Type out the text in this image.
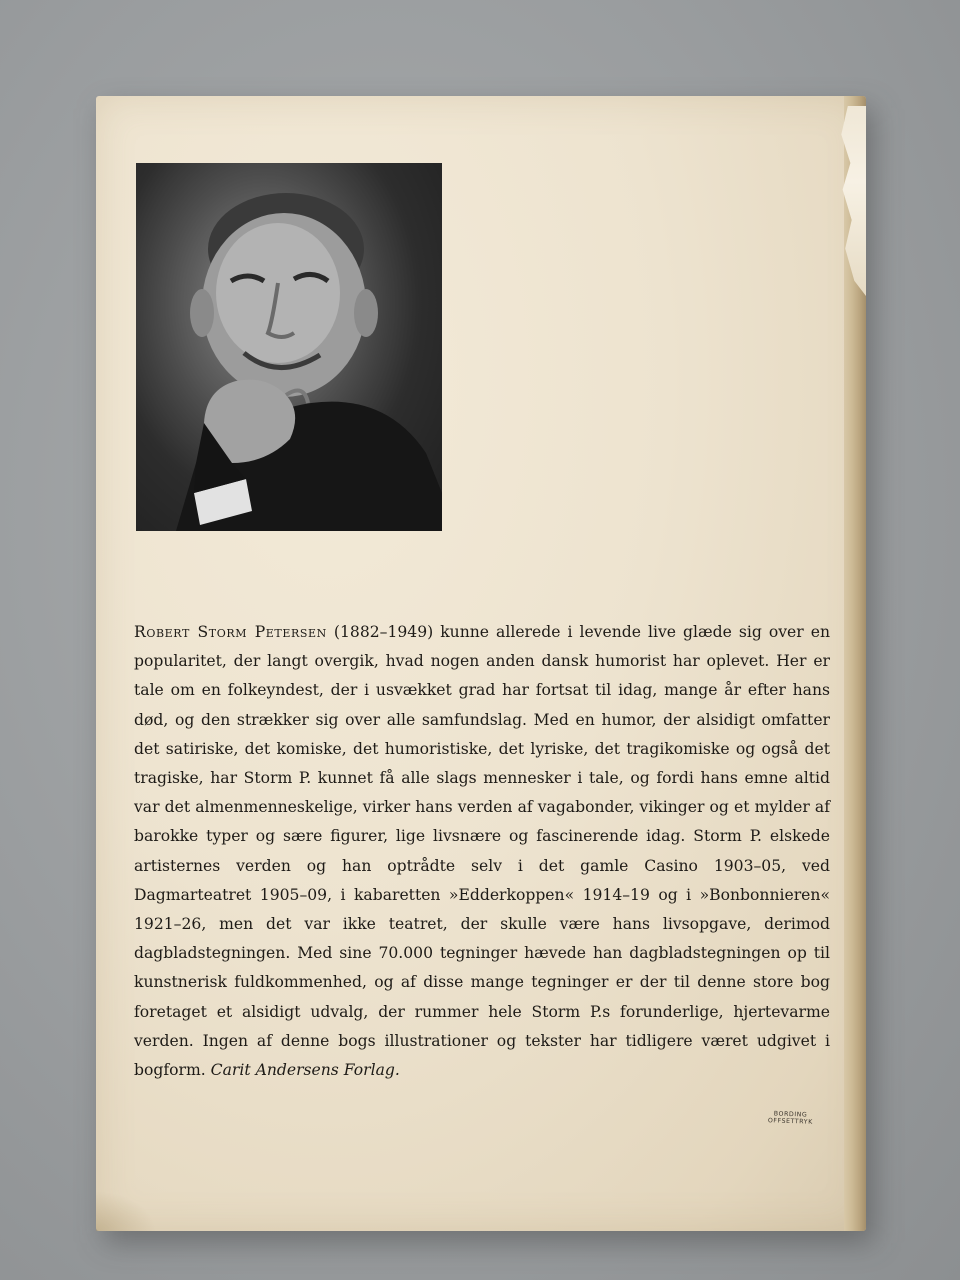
Robert Storm Petersen (1882–1949) kunne allerede i levende live glæde sig over en popularitet, der langt overgik, hvad nogen anden dansk humorist har oplevet. Her er tale om en folkeyndest, der i usvækket grad har fortsat til idag, mange år efter hans død, og den strækker sig over alle samfundslag. Med en humor, der alsidigt omfatter det satiriske, det komiske, det humoristiske, det lyriske, det tragikomiske og også det tragiske, har Storm P. kunnet få alle slags mennesker i tale, og fordi hans emne altid var det almenmenneskelige, virker hans verden af vagabonder, vikinger og et mylder af barokke typer og sære figurer, lige livsnære og fascinerende idag. Storm P. elskede artisternes verden og han optrådte selv i det gamle Casino 1903–05, ved Dagmarteatret 1905–09, i kabaretten »Edderkoppen« 1914–19 og i »Bonbonnieren« 1921–26, men det var ikke teatret, der skulle være hans livsopgave, derimod dagbladstegningen. Med sine 70.000 tegninger hævede han dagbladstegningen op til kunstnerisk fuldkommenhed, og af disse mange tegninger er der til denne store bog foretaget et alsidigt udvalg, der rummer hele Storm P.s forunderlige, hjertevarme verden. Ingen af denne bogs illustrationer og tekster har tidligere været udgivet i bogform. Carit Andersens Forlag.

BORDING
OFFSETTRYK
